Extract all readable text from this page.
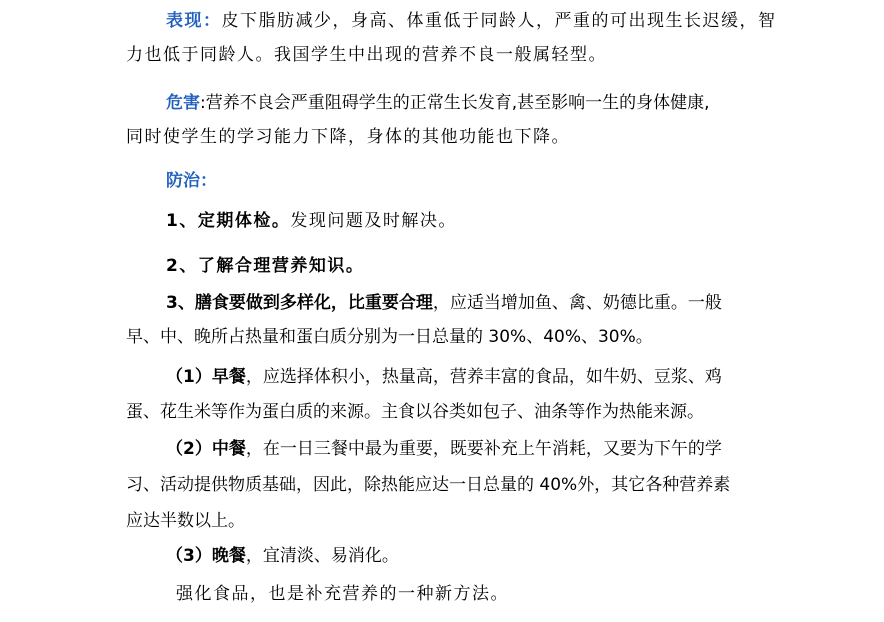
表现：皮下脂肪减少，身高、体重低于同龄人，严重的可出现生长迟缓，智
力也低于同龄人。我国学生中出现的营养不良一般属轻型。
危害:营养不良会严重阻碍学生的正常生长发育,甚至影响一生的身体健康,
同时使学生的学习能力下降，身体的其他功能也下降。
防治：
1、定期体检。发现问题及时解决。
2、了解合理营养知识。
3、膳食要做到多样化，比重要合理，应适当增加鱼、禽、奶德比重。一般
早、中、晚所占热量和蛋白质分别为一日总量的 30%、40%、30%。
（1）早餐，应选择体积小，热量高，营养丰富的食品，如牛奶、豆浆、鸡
蛋、花生米等作为蛋白质的来源。主食以谷类如包子、油条等作为热能来源。
（2）中餐，在一日三餐中最为重要，既要补充上午消耗，又要为下午的学
习、活动提供物质基础，因此，除热能应达一日总量的 40%外，其它各种营养素
应达半数以上。
（3）晚餐，宜清淡、易消化。
强化食品，也是补充营养的一种新方法。
